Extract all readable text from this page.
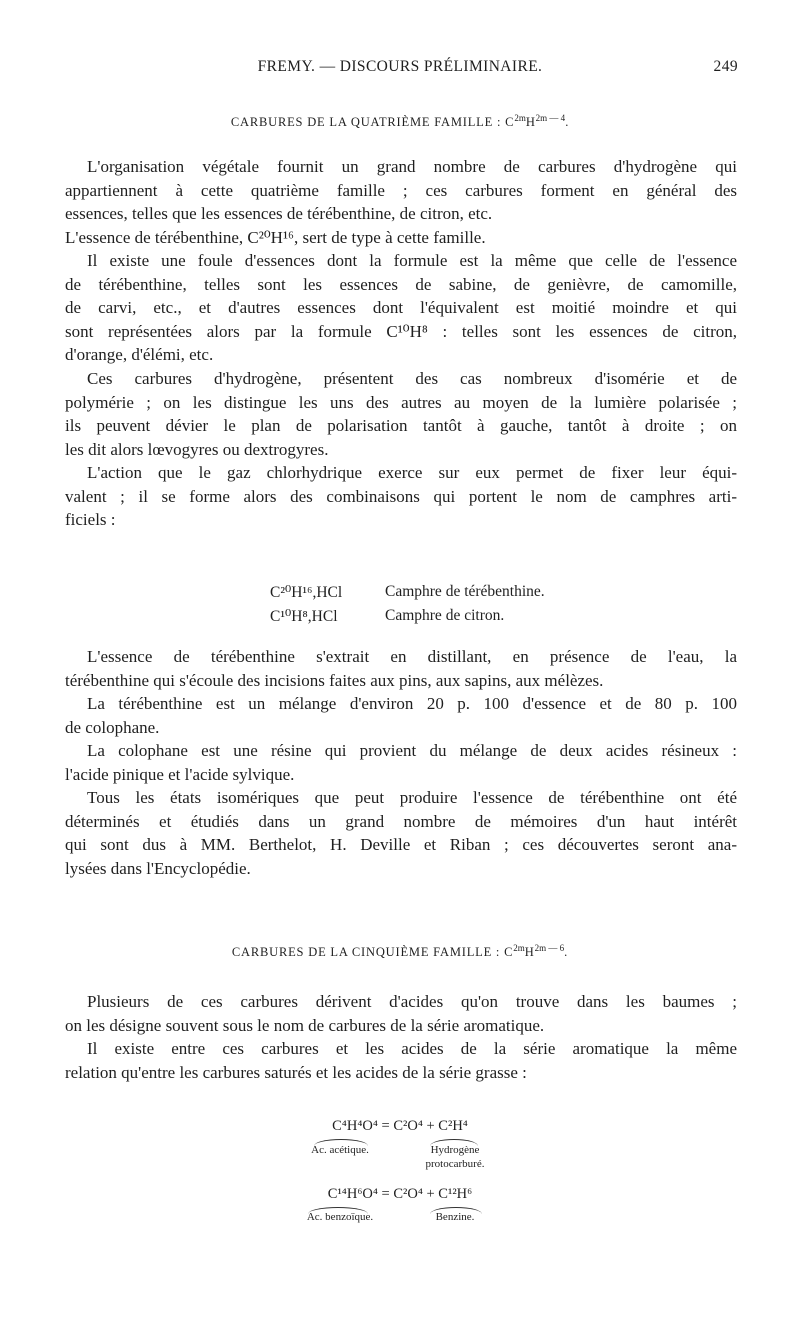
FREMY. — DISCOURS PRÉLIMINAIRE.	249
CARBURES DE LA QUATRIÈME FAMILLE : $C^{2m}H^{2m — 4}$.
L'organisation végétale fournit un grand nombre de carbures d'hydrogène qui
appartiennent à cette quatrième famille ; ces carbures forment en général des
essences, telles que les essences de térébenthine, de citron, etc.
L'essence de térébenthine, C²⁰H¹⁶, sert de type à cette famille.
Il existe une foule d'essences dont la formule est la même que celle de l'essence
de térébenthine, telles sont les essences de sabine, de genièvre, de camomille,
de carvi, etc., et d'autres essences dont l'équivalent est moitié moindre et qui
sont représentées alors par la formule C¹⁰H⁸ : telles sont les essences de citron,
d'orange, d'élémi, etc.
Ces carbures d'hydrogène, présentent des cas nombreux d'isomérie et de
polymérie ; on les distingue les uns des autres au moyen de la lumière polarisée ;
ils peuvent dévier le plan de polarisation tantôt à gauche, tantôt à droite ; on
les dit alors lœvogyres ou dextrogyres.
L'action que le gaz chlorhydrique exerce sur eux permet de fixer leur équi-
valent ; il se forme alors des combinaisons qui portent le nom de camphres arti-
ficiels :
C²⁰H¹⁶,HCl	Camphre de térébenthine.
C¹⁰H⁸,HCl	Camphre de citron.
L'essence de térébenthine s'extrait en distillant, en présence de l'eau, la
térébenthine qui s'écoule des incisions faites aux pins, aux sapins, aux mélèzes.
La térébenthine est un mélange d'environ 20 p. 100 d'essence et de 80 p. 100
de colophane.
La colophane est une résine qui provient du mélange de deux acides résineux :
l'acide pinique et l'acide sylvique.
Tous les états isomériques que peut produire l'essence de térébenthine ont été
déterminés et étudiés dans un grand nombre de mémoires d'un haut intérêt
qui sont dus à MM. Berthelot, H. Deville et Riban ; ces découvertes seront ana-
lysées dans l'Encyclopédie.
CARBURES DE LA CINQUIÈME FAMILLE : $C^{2m}H^{2m — 6}$.
Plusieurs de ces carbures dérivent d'acides qu'on trouve dans les baumes ;
on les désigne souvent sous le nom de carbures de la série aromatique.
Il existe entre ces carbures et les acides de la série aromatique la même
relation qu'entre les carbures saturés et les acides de la série grasse :
C⁴H⁴O⁴ = C²O⁴ + C²H⁴
Ac. acétique.	Hydrogène
protocarburé.
C¹⁴H⁶O⁴ = C²O⁴ + C¹²H⁶
Ac. benzoïque.	Benzine.
